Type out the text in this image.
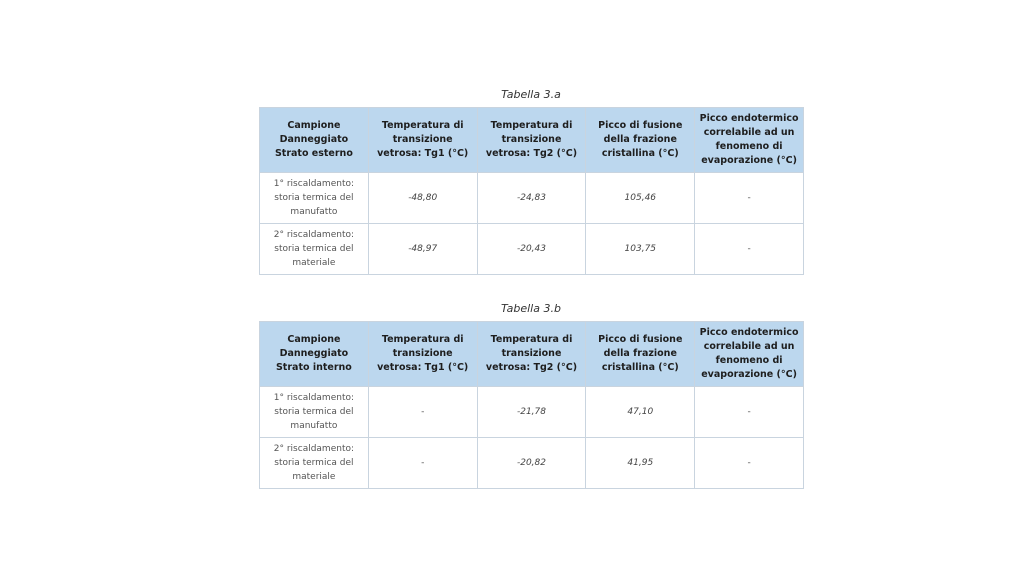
Tabella 3.a
Campione Danneggiato Strato esterno	Temperatura di transizione vetrosa: Tg1 (°C)	Temperatura di transizione vetrosa: Tg2 (°C)	Picco di fusione della frazione cristallina (°C)	Picco endotermico correlabile ad un fenomeno di evaporazione (°C)
1° riscaldamento: storia termica del manufatto	-48,80	-24,83	105,46	-
2° riscaldamento: storia termica del materiale	-48,97	-20,43	103,75	-
Tabella 3.b
Campione Danneggiato Strato interno	Temperatura di transizione vetrosa: Tg1 (°C)	Temperatura di transizione vetrosa: Tg2 (°C)	Picco di fusione della frazione cristallina (°C)	Picco endotermico correlabile ad un fenomeno di evaporazione (°C)
1° riscaldamento: storia termica del manufatto	-	-21,78	47,10	-
2° riscaldamento: storia termica del materiale	-	-20,82	41,95	-
